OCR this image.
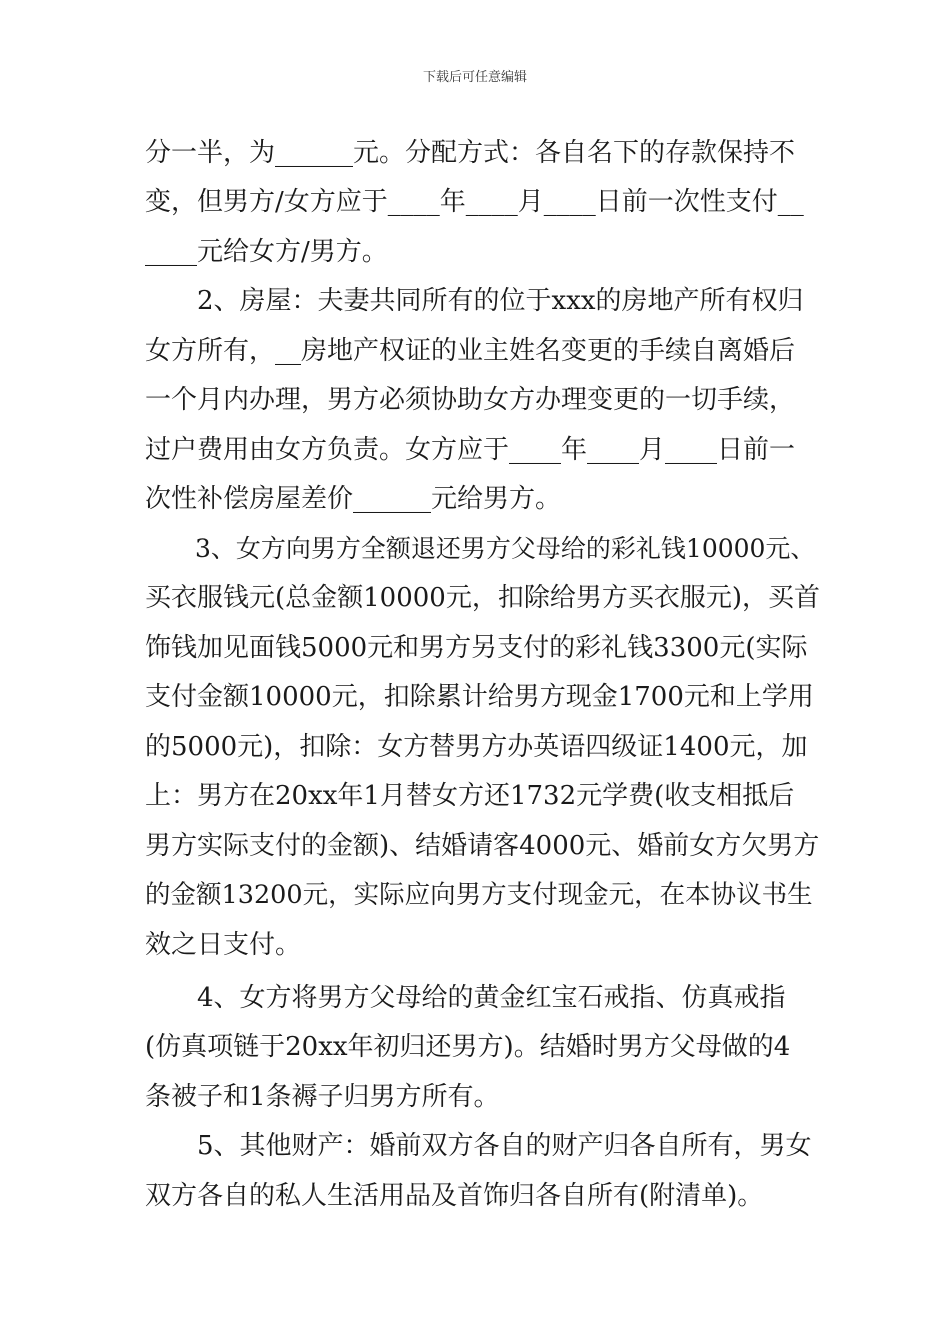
下载后可任意编辑
分一半，为______元。分配方式：各自名下的存款保持不
变，但男方/女方应于____年____月____日前一次性支付__
____元给女方/男方。
　　2、房屋：夫妻共同所有的位于xxx的房地产所有权归
女方所有，__房地产权证的业主姓名变更的手续自离婚后
一个月内办理，男方必须协助女方办理变更的一切手续，
过户费用由女方负责。女方应于____年____月____日前一
次性补偿房屋差价______元给男方。
　　3、女方向男方全额退还男方父母给的彩礼钱10000元、
买衣服钱元(总金额10000元，扣除给男方买衣服元)，买首
饰钱加见面钱5000元和男方另支付的彩礼钱3300元(实际
支付金额10000元，扣除累计给男方现金1700元和上学用
的5000元)，扣除：女方替男方办英语四级证1400元，加
上：男方在20xx年1月替女方还1732元学费(收支相抵后
男方实际支付的金额)、结婚请客4000元、婚前女方欠男方
的金额13200元，实际应向男方支付现金元，在本协议书生
效之日支付。
　　4、女方将男方父母给的黄金红宝石戒指、仿真戒指
(仿真项链于20xx年初归还男方)。结婚时男方父母做的4
条被子和1条褥子归男方所有。
　　5、其他财产：婚前双方各自的财产归各自所有，男女
双方各自的私人生活用品及首饰归各自所有(附清单)。
